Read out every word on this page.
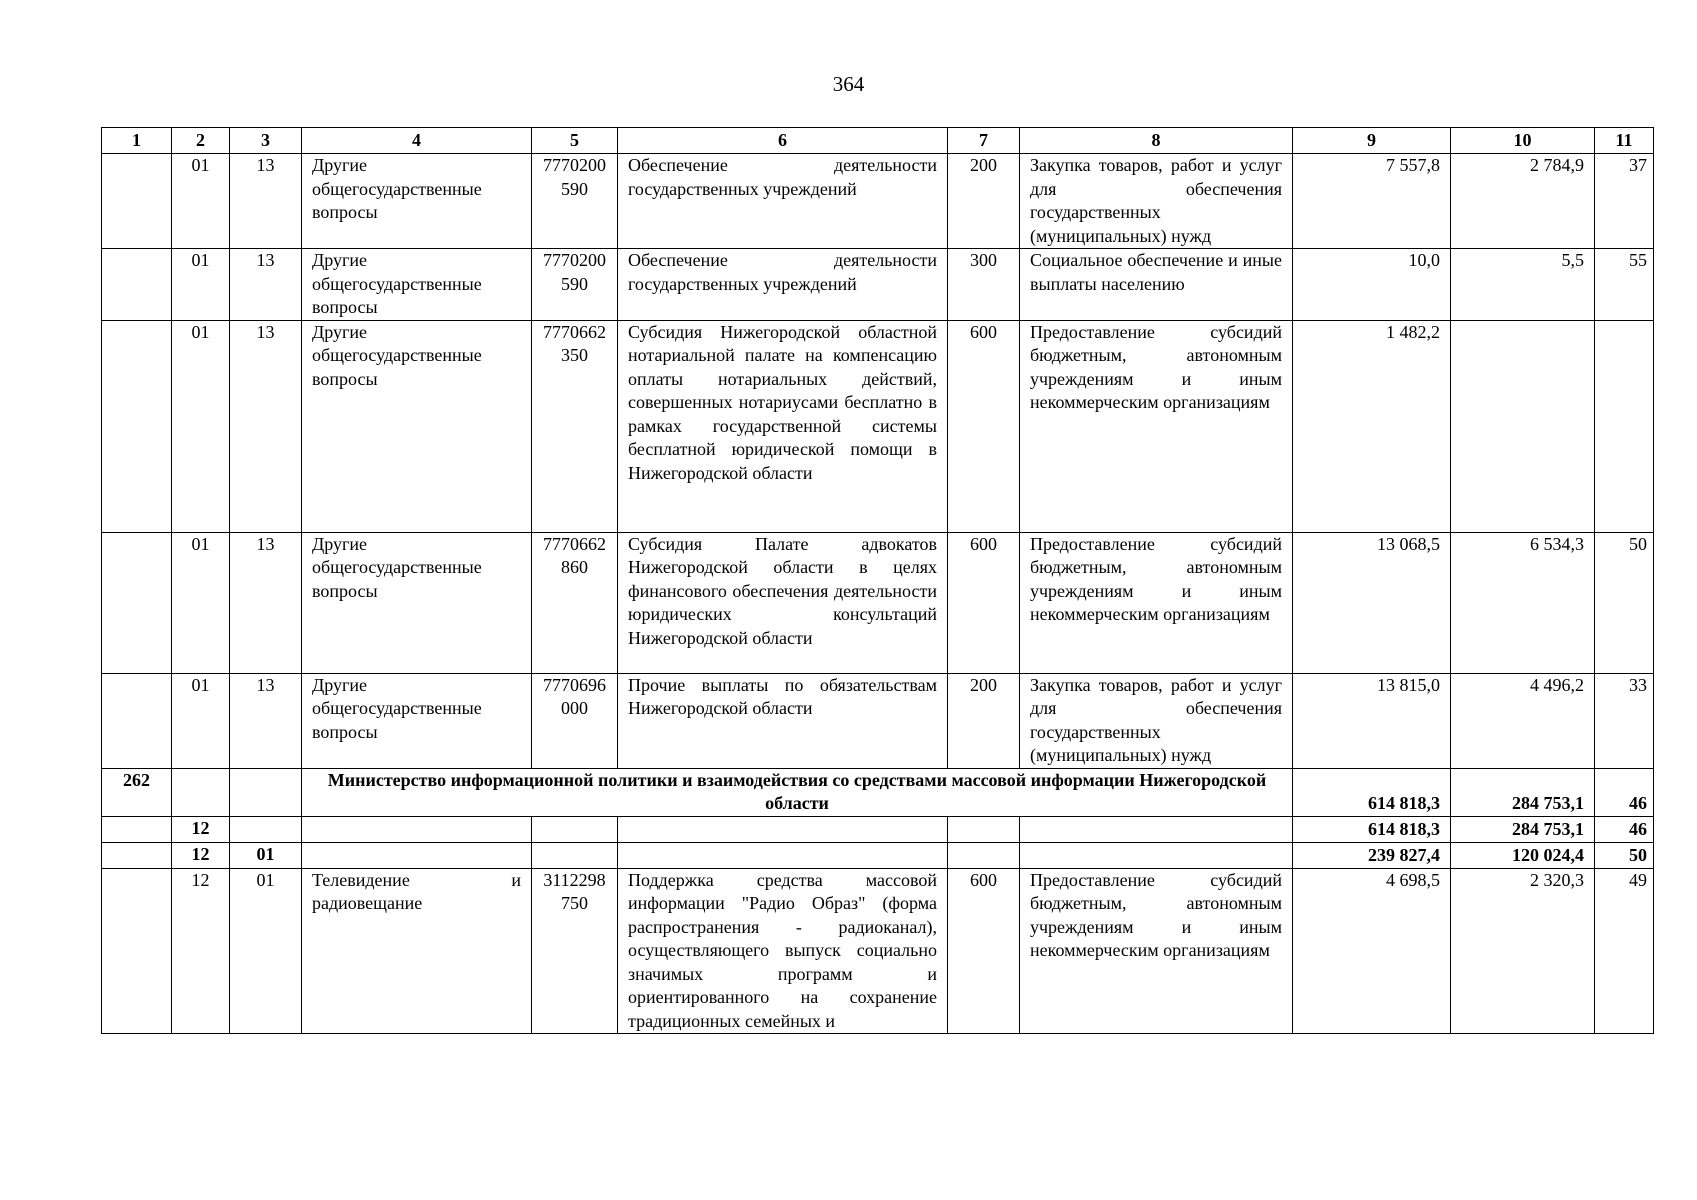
364
1	2	3	4	5	6	7	8	9	10	11
	01	13	Другие общегосударственные вопросы	7770200590	Обеспечение деятельности государственных учреждений	200	Закупка товаров, работ и услуг для обеспечения государственных (муниципальных) нужд	7 557,8	2 784,9	37
	01	13	Другие общегосударственные вопросы	7770200590	Обеспечение деятельности государственных учреждений	300	Социальное обеспечение и иные выплаты населению	10,0	5,5	55
	01	13	Другие общегосударственные вопросы	7770662350	Субсидия Нижегородской областной нотариальной палате на компенсацию оплаты нотариальных действий, совершенных нотариусами бесплатно в рамках государственной системы бесплатной юридической помощи в Нижегородской области	600	Предоставление субсидий бюджетным, автономным учреждениям и иным некоммерческим организациям	1 482,2		
	01	13	Другие общегосударственные вопросы	7770662860	Субсидия Палате адвокатов Нижегородской области в целях финансового обеспечения деятельности юридических консультаций Нижегородской области	600	Предоставление субсидий бюджетным, автономным учреждениям и иным некоммерческим организациям	13 068,5	6 534,3	50
	01	13	Другие общегосударственные вопросы	7770696000	Прочие выплаты по обязательствам Нижегородской области	200	Закупка товаров, работ и услуг для обеспечения государственных (муниципальных) нужд	13 815,0	4 496,2	33
262			Министерство информационной политики и взаимодействия со средствами массовой информации Нижегородской области					614 818,3	284 753,1	46
	12							614 818,3	284 753,1	46
	12	01						239 827,4	120 024,4	50
	12	01	Телевидение и радиовещание	3112298750	Поддержка средства массовой информации "Радио Образ" (форма распространения - радиоканал), осуществляющего выпуск социально значимых программ и ориентированного на сохранение традиционных семейных и	600	Предоставление субсидий бюджетным, автономным учреждениям и иным некоммерческим организациям	4 698,5	2 320,3	49
